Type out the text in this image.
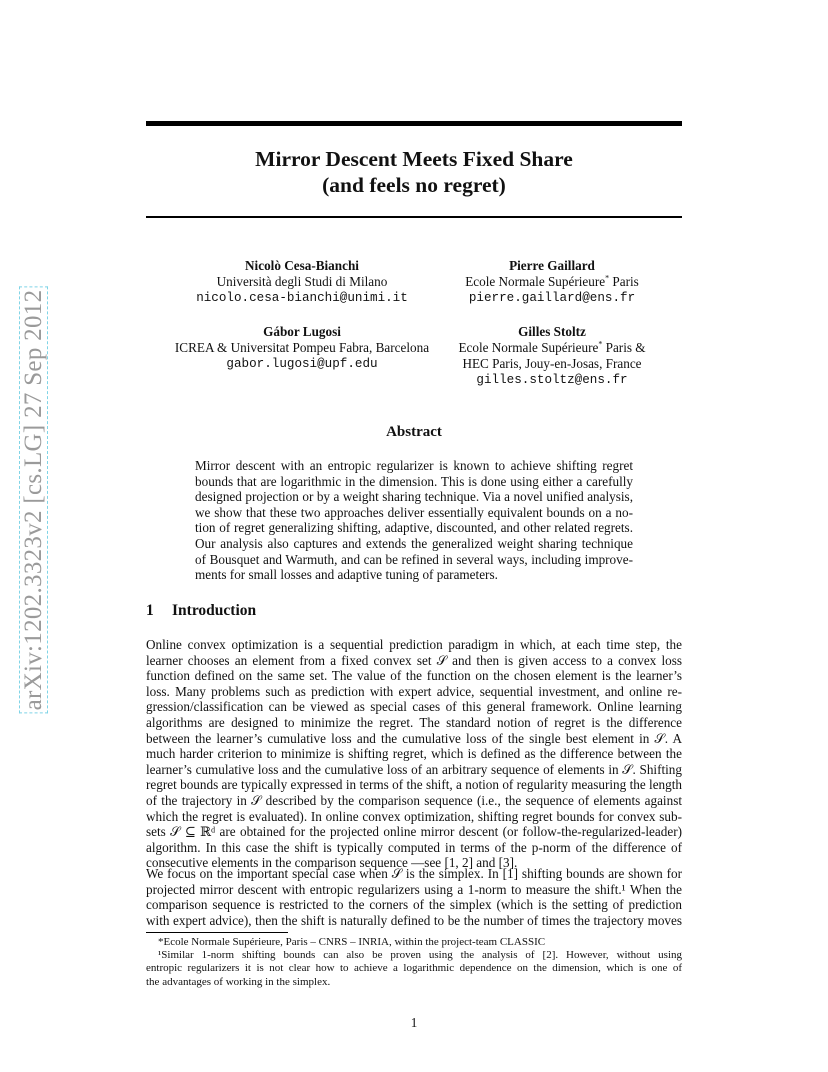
arXiv:1202.3323v2 [cs.LG] 27 Sep 2012
Mirror Descent Meets Fixed Share
(and feels no regret)
Nicolò Cesa-Bianchi
Università degli Studi di Milano
nicolo.cesa-bianchi@unimi.it
Pierre Gaillard
Ecole Normale Supérieure* Paris
pierre.gaillard@ens.fr
Gábor Lugosi
ICREA & Universitat Pompeu Fabra, Barcelona
gabor.lugosi@upf.edu
Gilles Stoltz
Ecole Normale Supérieure* Paris &
HEC Paris, Jouy-en-Josas, France
gilles.stoltz@ens.fr
Abstract
Mirror descent with an entropic regularizer is known to achieve shifting regret
bounds that are logarithmic in the dimension. This is done using either a carefully
designed projection or by a weight sharing technique. Via a novel unified analysis,
we show that these two approaches deliver essentially equivalent bounds on a no-
tion of regret generalizing shifting, adaptive, discounted, and other related regrets.
Our analysis also captures and extends the generalized weight sharing technique
of Bousquet and Warmuth, and can be refined in several ways, including improve-
ments for small losses and adaptive tuning of parameters.
1 Introduction
Online convex optimization is a sequential prediction paradigm in which, at each time step, the
learner chooses an element from a fixed convex set 𝒮 and then is given access to a convex loss
function defined on the same set. The value of the function on the chosen element is the learner’s
loss. Many problems such as prediction with expert advice, sequential investment, and online re-
gression/classification can be viewed as special cases of this general framework. Online learning
algorithms are designed to minimize the regret. The standard notion of regret is the difference
between the learner’s cumulative loss and the cumulative loss of the single best element in 𝒮. A
much harder criterion to minimize is shifting regret, which is defined as the difference between the
learner’s cumulative loss and the cumulative loss of an arbitrary sequence of elements in 𝒮. Shifting
regret bounds are typically expressed in terms of the shift, a notion of regularity measuring the length
of the trajectory in 𝒮 described by the comparison sequence (i.e., the sequence of elements against
which the regret is evaluated). In online convex optimization, shifting regret bounds for convex sub-
sets 𝒮 ⊆ ℝᵈ are obtained for the projected online mirror descent (or follow-the-regularized-leader)
algorithm. In this case the shift is typically computed in terms of the p-norm of the difference of
consecutive elements in the comparison sequence —see [1, 2] and [3].
We focus on the important special case when 𝒮 is the simplex. In [1] shifting bounds are shown for
projected mirror descent with entropic regularizers using a 1-norm to measure the shift.¹ When the
comparison sequence is restricted to the corners of the simplex (which is the setting of prediction
with expert advice), then the shift is naturally defined to be the number of times the trajectory moves
*Ecole Normale Supérieure, Paris – CNRS – INRIA, within the project-team CLASSIC
¹Similar 1-norm shifting bounds can also be proven using the analysis of [2]. However, without using
entropic regularizers it is not clear how to achieve a logarithmic dependence on the dimension, which is one of
the advantages of working in the simplex.
1
